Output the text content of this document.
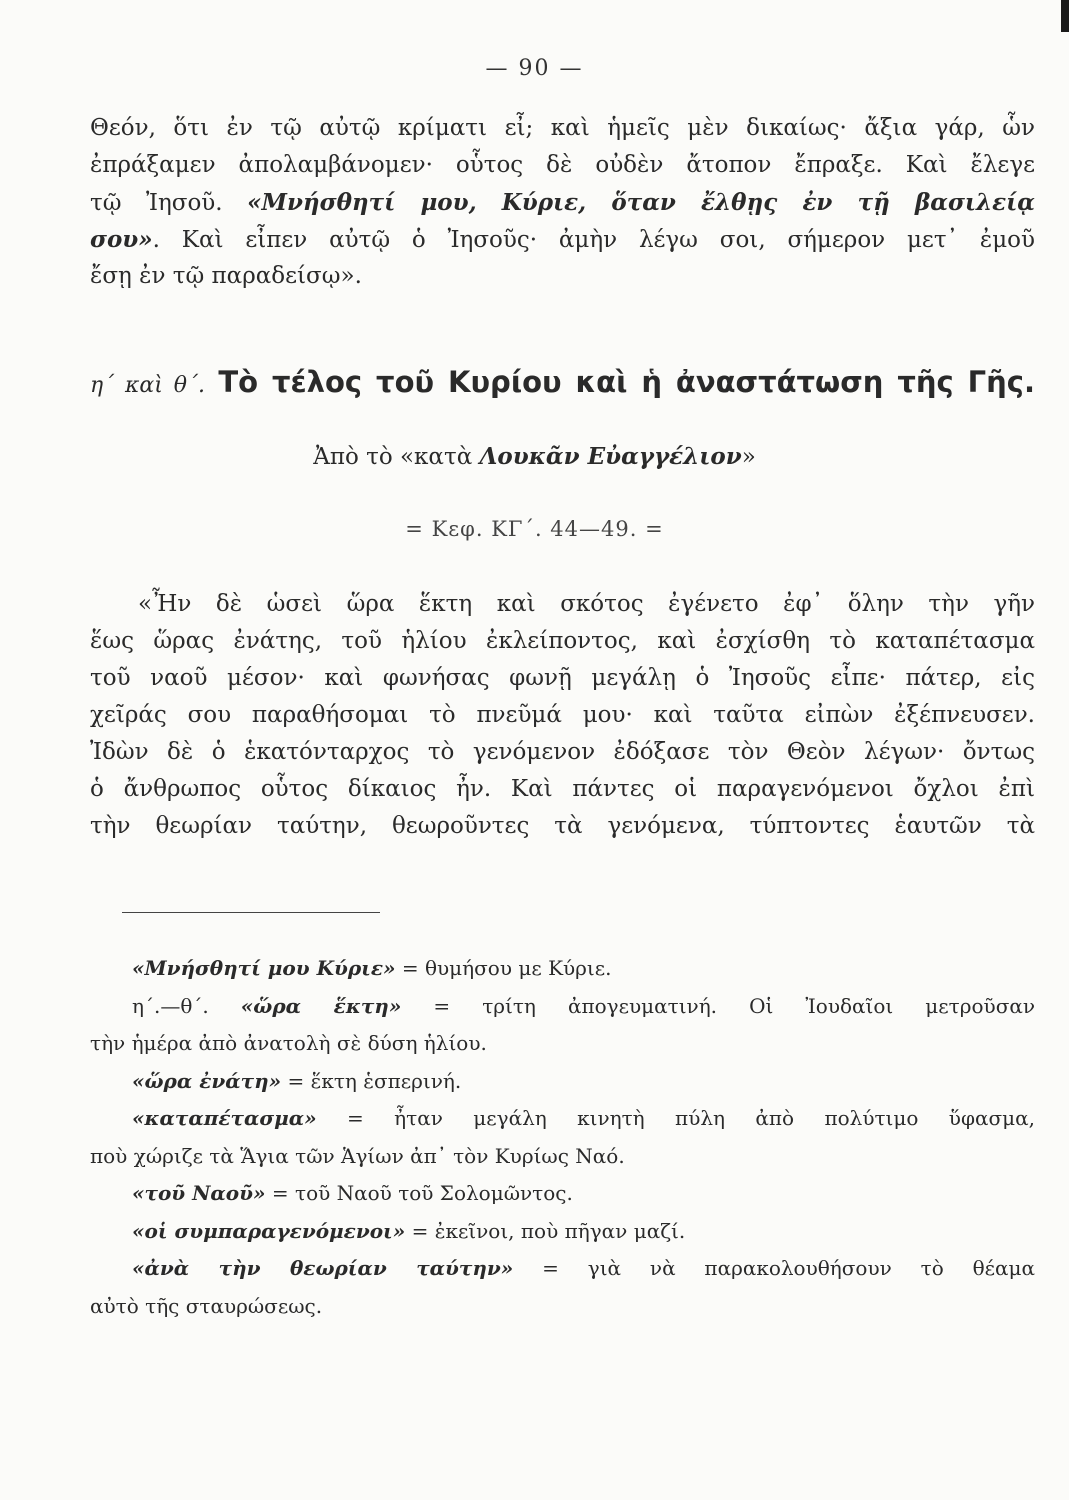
— 90 —
Θεόν, ὅτι ἐν τῷ αὐτῷ κρίματι εἶ; καὶ ἡμεῖς μὲν δικαίως· ἄξια γάρ, ὧν
ἐπράξαμεν ἀπολαμβάνομεν· οὗτος δὲ οὐδὲν ἄτοπον ἔπραξε. Καὶ ἔλεγε
τῷ Ἰησοῦ. «Μνήσθητί μου, Κύριε, ὅταν ἔλθῃς ἐν τῇ βασιλείᾳ
σου». Καὶ εἶπεν αὐτῷ ὁ Ἰησοῦς· ἀμὴν λέγω σοι, σήμερον μετ᾽ ἐμοῦ
ἔσῃ ἐν τῷ παραδείσῳ».
η΄ καὶ θ΄. Τὸ τέλος τοῦ Κυρίου καὶ ἡ ἀναστάτωση τῆς Γῆς.
Ἀπὸ τὸ «κατὰ Λουκᾶν Εὐαγγέλιον»
= Κεφ. ΚΓ΄. 44—49. =
«Ἦν δὲ ὡσεὶ ὥρα ἕκτη καὶ σκότος ἐγένετο ἐφ᾽ ὅλην τὴν γῆν
ἕως ὥρας ἐνάτης, τοῦ ἡλίου ἐκλείποντος, καὶ ἐσχίσθη τὸ καταπέτασμα
τοῦ ναοῦ μέσον· καὶ φωνήσας φωνῇ μεγάλῃ ὁ Ἰησοῦς εἶπε· πάτερ, εἰς
χεῖράς σου παραθήσομαι τὸ πνεῦμά μου· καὶ ταῦτα εἰπὼν ἐξέπνευσεν.
Ἰδὼν δὲ ὁ ἑκατόνταρχος τὸ γενόμενον ἐδόξασε τὸν Θεὸν λέγων· ὄντως
ὁ ἄνθρωπος οὗτος δίκαιος ἦν. Καὶ πάντες οἱ παραγενόμενοι ὄχλοι ἐπὶ
τὴν θεωρίαν ταύτην, θεωροῦντες τὰ γενόμενα, τύπτοντες ἑαυτῶν τὰ
«Μνήσθητί μου Κύριε» = θυμήσου με Κύριε.
η΄.—θ΄. «ὥρα ἕκτη» = τρίτη ἀπογευματινή. Οἱ Ἰουδαῖοι μετροῦσαν
τὴν ἡμέρα ἀπὸ ἀνατολὴ σὲ δύση ἡλίου.
«ὥρα ἐνάτη» = ἕκτη ἑσπερινή.
«καταπέτασμα» = ἦταν μεγάλη κινητὴ πύλη ἀπὸ πολύτιμο ὕφασμα,
ποὺ χώριζε τὰ Ἅγια τῶν Ἁγίων ἀπ᾽ τὸν Κυρίως Ναό.
«τοῦ Ναοῦ» = τοῦ Ναοῦ τοῦ Σολομῶντος.
«οἱ συμπαραγενόμενοι» = ἐκεῖνοι, ποὺ πῆγαν μαζί.
«ἀνὰ τὴν θεωρίαν ταύτην» = γιὰ νὰ παρακολουθήσουν τὸ θέαμα
αὐτὸ τῆς σταυρώσεως.
